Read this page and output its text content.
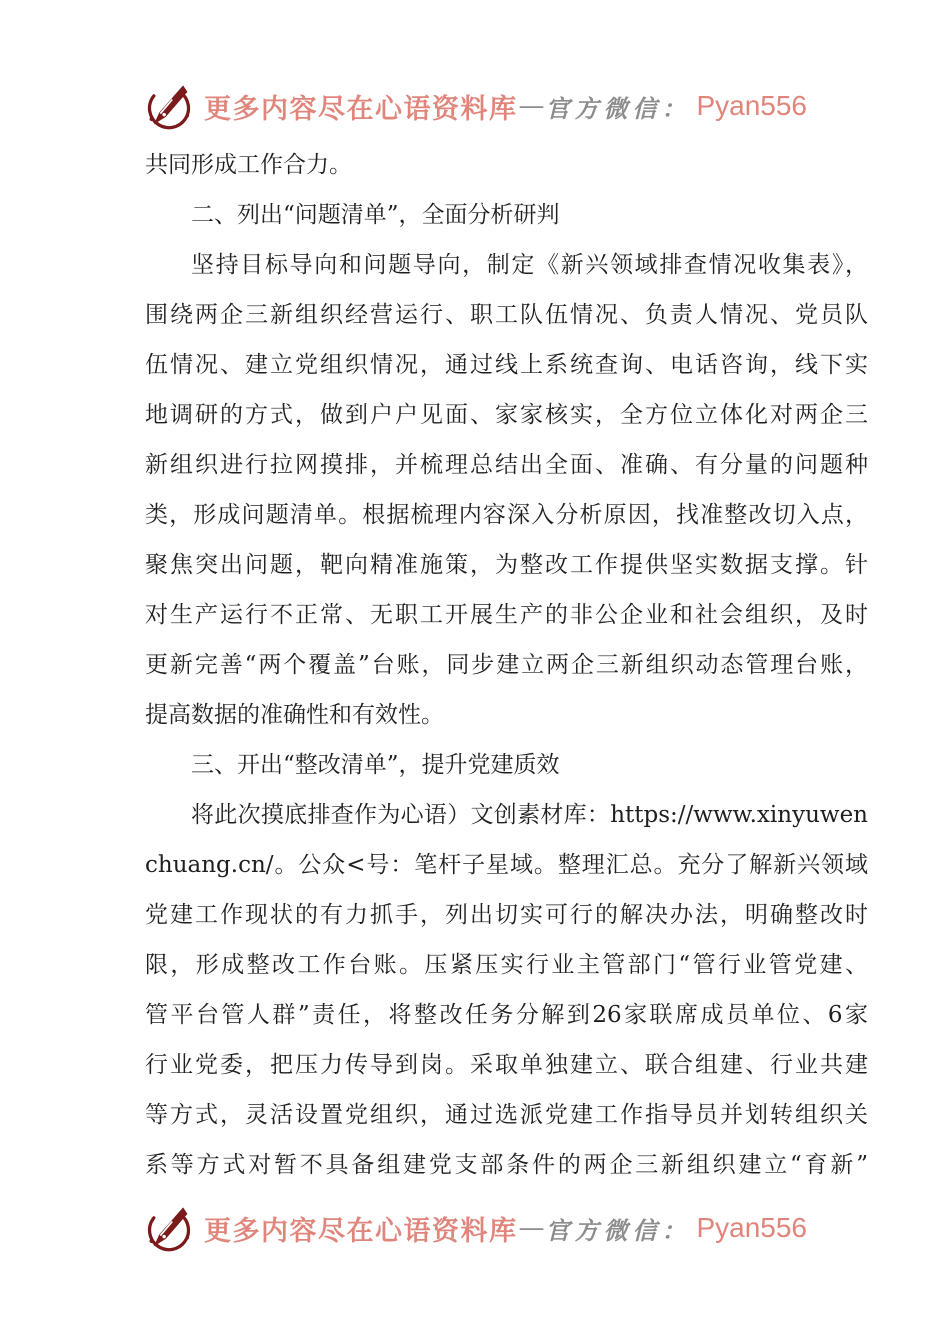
更多内容尽在心语资料库 — 官方微信： Pyan556
共同形成工作合力。
二、列出“问题清单”，全面分析研判
坚持目标导向和问题导向，制定《新兴领域排查情况收集表》，
围绕两企三新组织经营运行、职工队伍情况、负责人情况、党员队
伍情况、建立党组织情况，通过线上系统查询、电话咨询，线下实
地调研的方式，做到户户见面、家家核实，全方位立体化对两企三
新组织进行拉网摸排，并梳理总结出全面、准确、有分量的问题种
类，形成问题清单。根据梳理内容深入分析原因，找准整改切入点，
聚焦突出问题，靶向精准施策，为整改工作提供坚实数据支撑。针
对生产运行不正常、无职工开展生产的非公企业和社会组织，及时
更新完善“两个覆盖”台账，同步建立两企三新组织动态管理台账，
提高数据的准确性和有效性。
三、开出“整改清单”，提升党建质效
将此次摸底排查作为心语）文创素材库：https://www.xinyuwen
chuang.cn/。公众<号：笔杆子星域。整理汇总。充分了解新兴领域
党建工作现状的有力抓手，列出切实可行的解决办法，明确整改时
限，形成整改工作台账。压紧压实行业主管部门“管行业管党建、
管平台管人群”责任，将整改任务分解到26家联席成员单位、6家
行业党委，把压力传导到岗。采取单独建立、联合组建、行业共建
等方式，灵活设置党组织，通过选派党建工作指导员并划转组织关
系等方式对暂不具备组建党支部条件的两企三新组织建立“育新”
更多内容尽在心语资料库 — 官方微信： Pyan556
